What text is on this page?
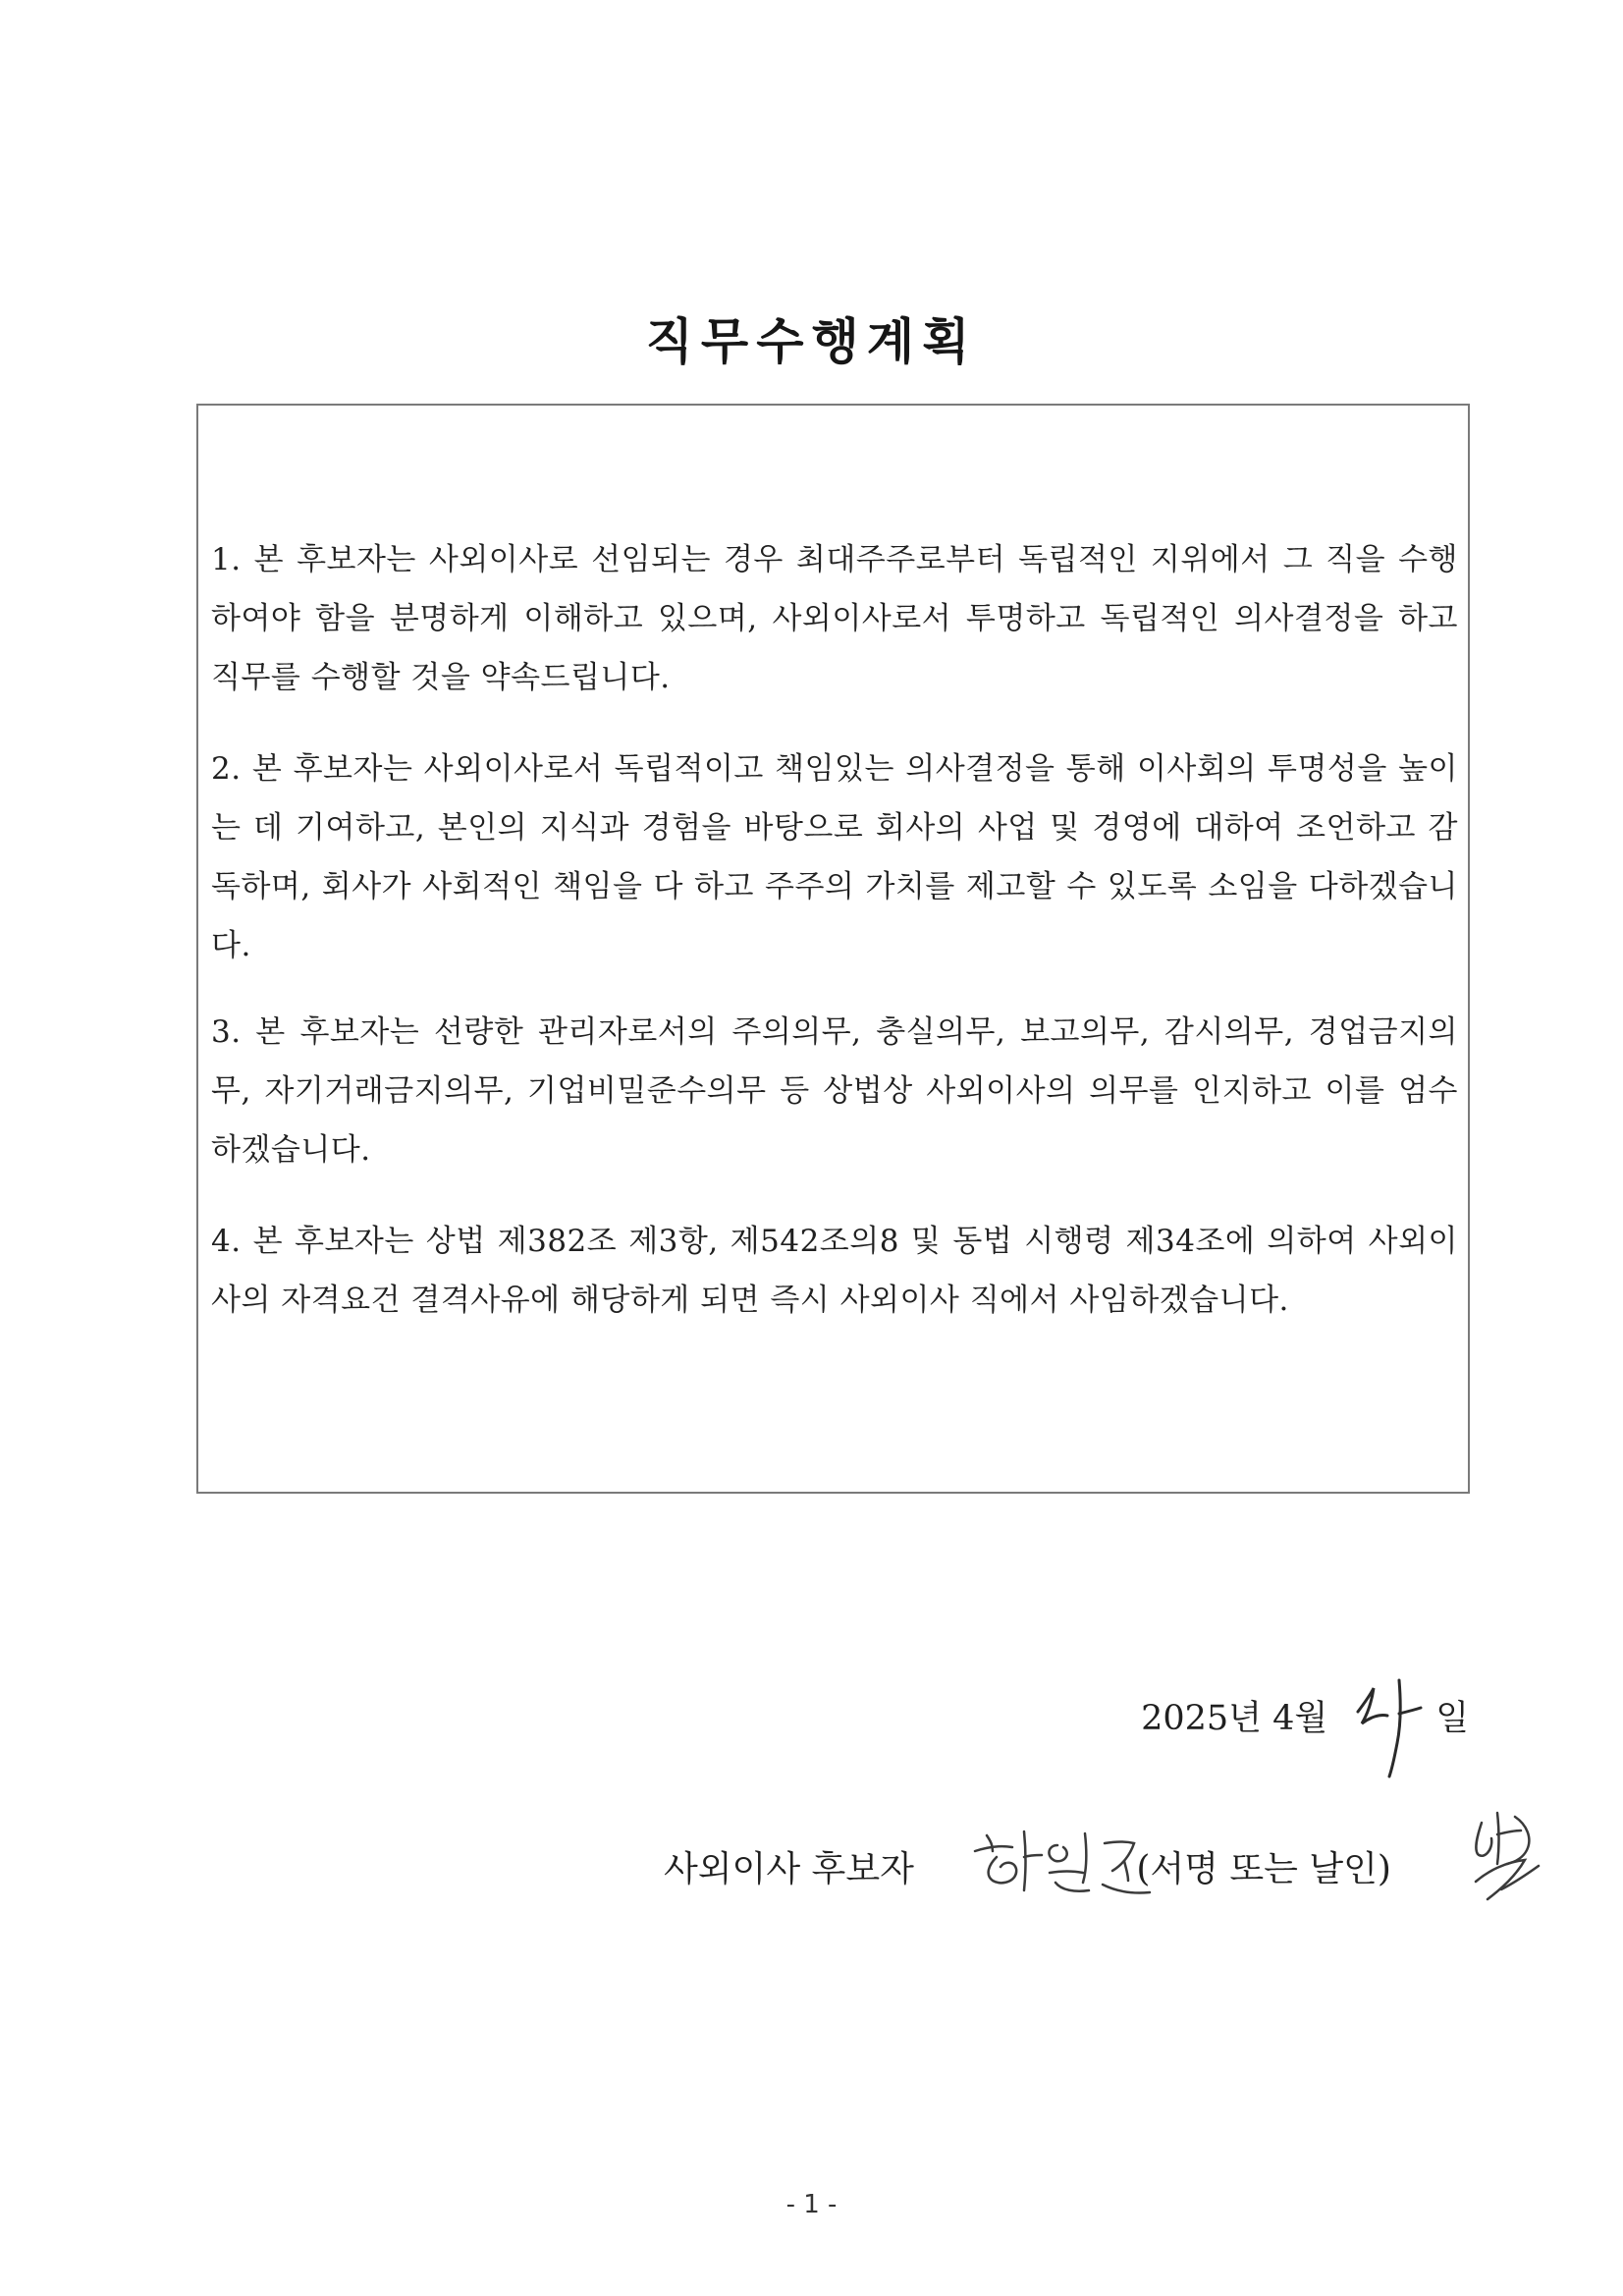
직무수행계획
1. 본 후보자는 사외이사로 선임되는 경우 최대주주로부터 독립적인 지위에서 그 직을 수행하여야 함을 분명하게 이해하고 있으며, 사외이사로서 투명하고 독립적인 의사결정을 하고 직무를 수행할 것을 약속드립니다.
2. 본 후보자는 사외이사로서 독립적이고 책임있는 의사결정을 통해 이사회의 투명성을 높이는 데 기여하고, 본인의 지식과 경험을 바탕으로 회사의 사업 및 경영에 대하여 조언하고 감독하며, 회사가 사회적인 책임을 다 하고 주주의 가치를 제고할 수 있도록 소임을 다하겠습니다.
3. 본 후보자는 선량한 관리자로서의 주의의무, 충실의무, 보고의무, 감시의무, 경업금지의무, 자기거래금지의무, 기업비밀준수의무 등 상법상 사외이사의 의무를 인지하고 이를 엄수하겠습니다.
4. 본 후보자는 상법 제382조 제3항, 제542조의8 및 동법 시행령 제34조에 의하여 사외이사의 자격요건 결격사유에 해당하게 되면 즉시 사외이사 직에서 사임하겠습니다.
2025년 4월	일
사외이사 후보자	(서명 또는 날인)
- 1 -
